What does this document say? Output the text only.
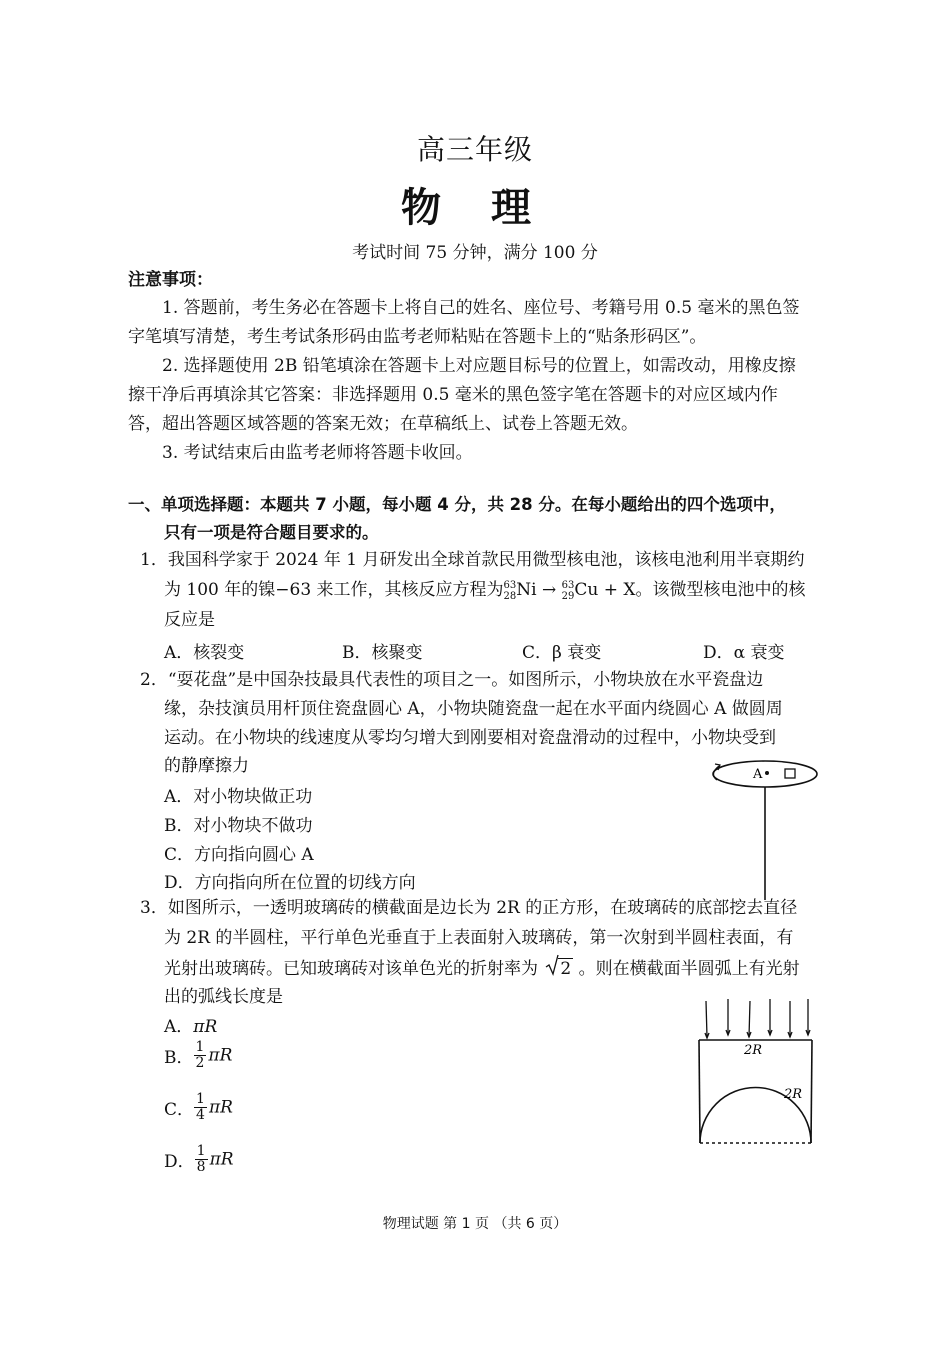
高三年级
物 理
考试时间 75 分钟，满分 100 分
注意事项：
1. 答题前，考生务必在答题卡上将自己的姓名、座位号、考籍号用 0.5 毫米的黑色签
字笔填写清楚，考生考试条形码由监考老师粘贴在答题卡上的“贴条形码区”。
2. 选择题使用 2B 铅笔填涂在答题卡上对应题目标号的位置上，如需改动，用橡皮擦
擦干净后再填涂其它答案：非选择题用 0.5 毫米的黑色签字笔在答题卡的对应区域内作
答，超出答题区域答题的答案无效；在草稿纸上、试卷上答题无效。
3. 考试结束后由监考老师将答题卡收回。
一、单项选择题：本题共 7 小题，每小题 4 分，共 28 分。在每小题给出的四个选项中，
只有一项是符合题目要求的。
1．我国科学家于 2024 年 1 月研发出全球首款民用微型核电池，该核电池利用半衰期约
为 100 年的镍−63 来工作，其核反应方程为 63
28 Ni → 63
29 Cu + X。该微型核电池中的核
反应是
A．核裂变	B．核聚变	C．β 衰变	D．α 衰变
2．“耍花盘”是中国杂技最具代表性的项目之一。如图所示，小物块放在水平瓷盘边
缘，杂技演员用杆顶住瓷盘圆心 A，小物块随瓷盘一起在水平面内绕圆心 A 做圆周
运动。在小物块的线速度从零均匀增大到刚要相对瓷盘滑动的过程中，小物块受到
的静摩擦力
A．对小物块做正功
B．对小物块不做功
C．方向指向圆心 A
D．方向指向所在位置的切线方向
A
3．如图所示，一透明玻璃砖的横截面是边长为 2R 的正方形，在玻璃砖的底部挖去直径
为 2R 的半圆柱，平行单色光垂直于上表面射入玻璃砖，第一次射到半圆柱表面，有
光射出玻璃砖。已知玻璃砖对该单色光的折射率为 2 。则在横截面半圆弧上有光射
出的弧线长度是
A．πR
B． $\frac{1}{2}$ πR
C． $\frac{1}{4}$ πR
D． $\frac{1}{8}$ πR
2R
2R
物理试题 第 1 页 （共 6 页）
